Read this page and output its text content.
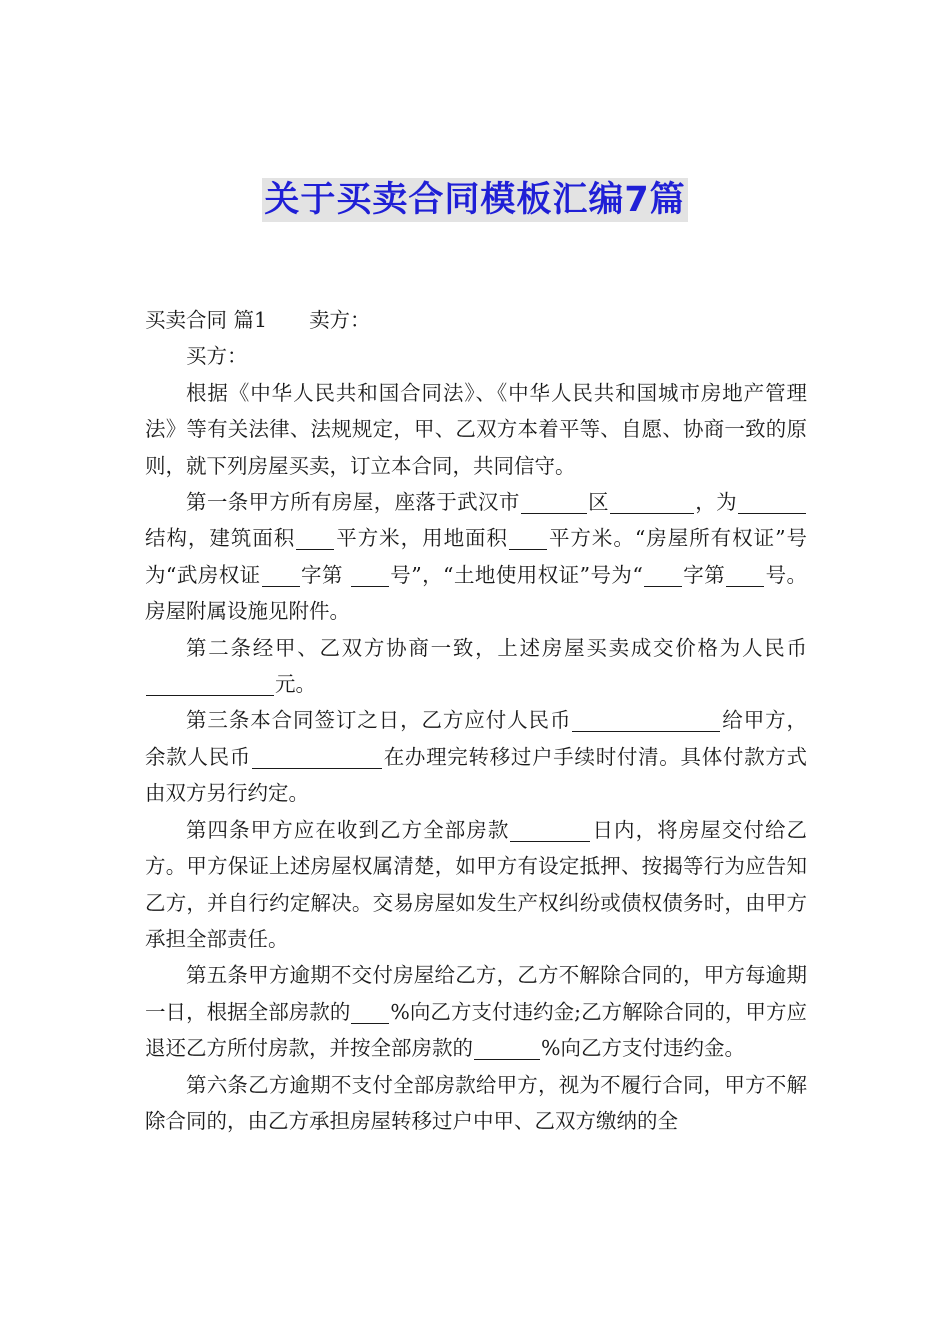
关于买卖合同模板汇编7篇

买卖合同 篇1 卖方：

买方：

根据《中华人民共和国合同法》、《中华人民共和国城市房地产管理法》等有关法律、法规规定，甲、乙双方本着平等、自愿、协商一致的原则，就下列房屋买卖，订立本合同，共同信守。

第一条甲方所有房屋，座落于武汉市	区	，为结构，建筑面积 平方米，用地面积 平方米。“房屋所有权证”号为“武房权证 字第 号”，“土地使用权证”号为“ 字第 号。房屋附属设施见附件。

第二条经甲、乙双方协商一致，上述房屋买卖成交价格为人民币元。

第三条本合同签订之日，乙方应付人民币	给甲方，余款人民币	在办理完转移过户手续时付清。具体付款方式由双方另行约定。

第四条甲方应在收到乙方全部房款	日内，将房屋交付给乙方。甲方保证上述房屋权属清楚，如甲方有设定抵押、按揭等行为应告知乙方，并自行约定解决。交易房屋如发生产权纠纷或债权债务时，由甲方承担全部责任。

第五条甲方逾期不交付房屋给乙方，乙方不解除合同的，甲方每逾期一日，根据全部房款的 %向乙方支付违约金;乙方解除合同的，甲方应退还乙方所付房款，并按全部房款的	%向乙方支付违约金。

第六条乙方逾期不支付全部房款给甲方，视为不履行合同，甲方不解除合同的，由乙方承担房屋转移过户中甲、乙双方缴纳的全
